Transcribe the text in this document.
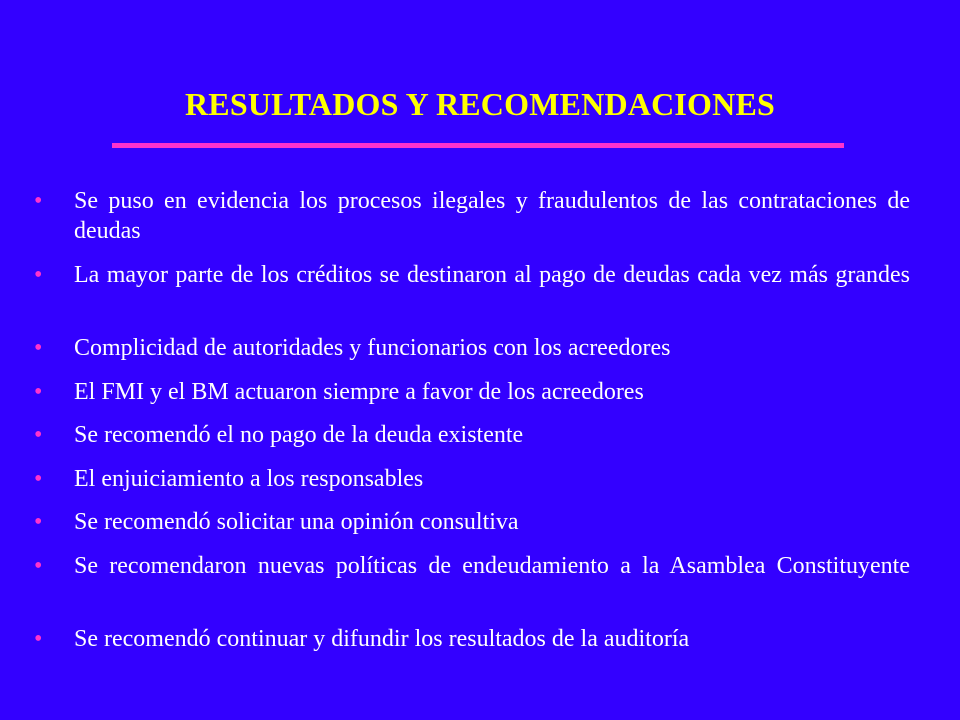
RESULTADOS Y RECOMENDACIONES
•	Se puso en evidencia los procesos ilegales y fraudulentos de las contrataciones de deudas
•	La mayor parte de los créditos se destinaron al pago de deudas cada vez más grandes
•	Complicidad de autoridades y funcionarios con los acreedores
•	El FMI y el BM actuaron siempre a favor de los acreedores
•	Se recomendó el no pago de la deuda existente
•	El enjuiciamiento a los responsables
•	Se recomendó solicitar una opinión consultiva
•	Se recomendaron nuevas políticas de endeudamiento a la Asamblea Constituyente
•	Se recomendó continuar y difundir los resultados de la auditoría
